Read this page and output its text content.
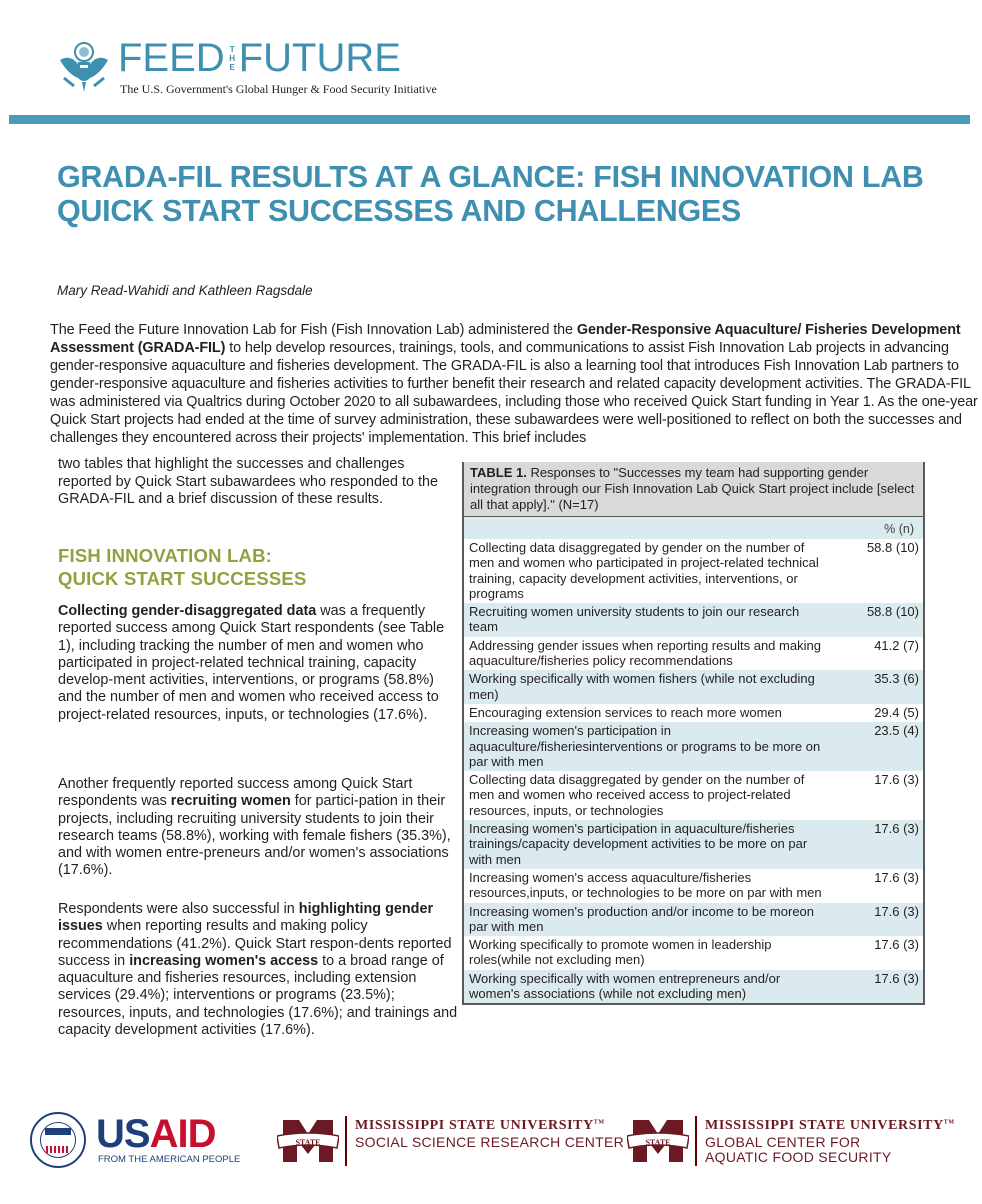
FEED THE FUTURE
The U.S. Government's Global Hunger & Food Security Initiative
GRADA-FIL RESULTS AT A GLANCE: FISH INNOVATION LAB QUICK START SUCCESSES AND CHALLENGES
Mary Read-Wahidi and Kathleen Ragsdale

The Feed the Future Innovation Lab for Fish (Fish Innovation Lab) administered the Gender-Responsive Aquaculture/ Fisheries Development Assessment (GRADA-FIL) to help develop resources, trainings, tools, and communications to assist Fish Innovation Lab projects in advancing gender-responsive aquaculture and fisheries development. The GRADA-FIL is also a learning tool that introduces Fish Innovation Lab partners to gender-responsive aquaculture and fisheries activities to further benefit their research and related capacity development activities. The GRADA-FIL was administered via Qualtrics during October 2020 to all subawardees, including those who received Quick Start funding in Year 1. As the one-year Quick Start projects had ended at the time of survey administration, these subawardees were well-positioned to reflect on both the successes and challenges they encountered across their projects' implementation. This brief includes

two tables that highlight the successes and challenges reported by Quick Start subawardees who responded to the GRADA-FIL and a brief discussion of these results.

FISH INNOVATION LAB:
QUICK START SUCCESSES

Collecting gender-disaggregated data was a frequently reported success among Quick Start respondents (see Table 1), including tracking the number of men and women who participated in project-related technical training, capacity develop-ment activities, interventions, or programs (58.8%) and the number of men and women who received access to project-related resources, inputs, or technologies (17.6%).

Another frequently reported success among Quick Start respondents was recruiting women for partici-pation in their projects, including recruiting university students to join their research teams (58.8%), working with female fishers (35.3%), and with women entre-preneurs and/or women's associations (17.6%).

Respondents were also successful in highlighting gender issues when reporting results and making policy recommendations (41.2%). Quick Start respon-dents reported success in increasing women's access to a broad range of aquaculture and fisheries resources, including extension services (29.4%); interventions or programs (23.5%); resources, inputs, and technologies (17.6%); and trainings and capacity development activities (17.6%).

TABLE 1. Responses to "Successes my team had supporting gender integration through our Fish Innovation Lab Quick Start project include [select all that apply]." (N=17)
% (n)
Collecting data disaggregated by gender on the number of men and women who participated in project-related technical training, capacity development activities, interventions, or programs
58.8 (10)
Recruiting women university students to join our research team
58.8 (10)
Addressing gender issues when reporting results and making aquaculture/fisheries policy recommendations
41.2 (7)
Working specifically with women fishers (while not excluding men)
35.3 (6)
Encouraging extension services to reach more women	29.4 (5)
Increasing women's participation in aquaculture/fisheriesinterventions or programs to be more on par with men
23.5 (4)
Collecting data disaggregated by gender on the number of men and women who received access to project-related resources, inputs, or technologies
17.6 (3)
Increasing women's participation in aquaculture/fisheries trainings/capacity development activities to be more on par with men
17.6 (3)
Increasing women's access aquaculture/fisheries resources,inputs, or technologies to be more on par with men
17.6 (3)
Increasing women's production and/or income to be moreon par with men
17.6 (3)
Working specifically to promote women in leadership roles(while not excluding men)
17.6 (3)
Working specifically with women entrepreneurs and/or women's associations (while not excluding men)
17.6 (3)
USAID
FROM THE AMERICAN PEOPLE
STATE
MISSISSIPPI STATE UNIVERSITY™
SOCIAL SCIENCE RESEARCH CENTER	STATE
MISSISSIPPI STATE UNIVERSITY™
GLOBAL CENTER FOR
AQUATIC FOOD SECURITY
